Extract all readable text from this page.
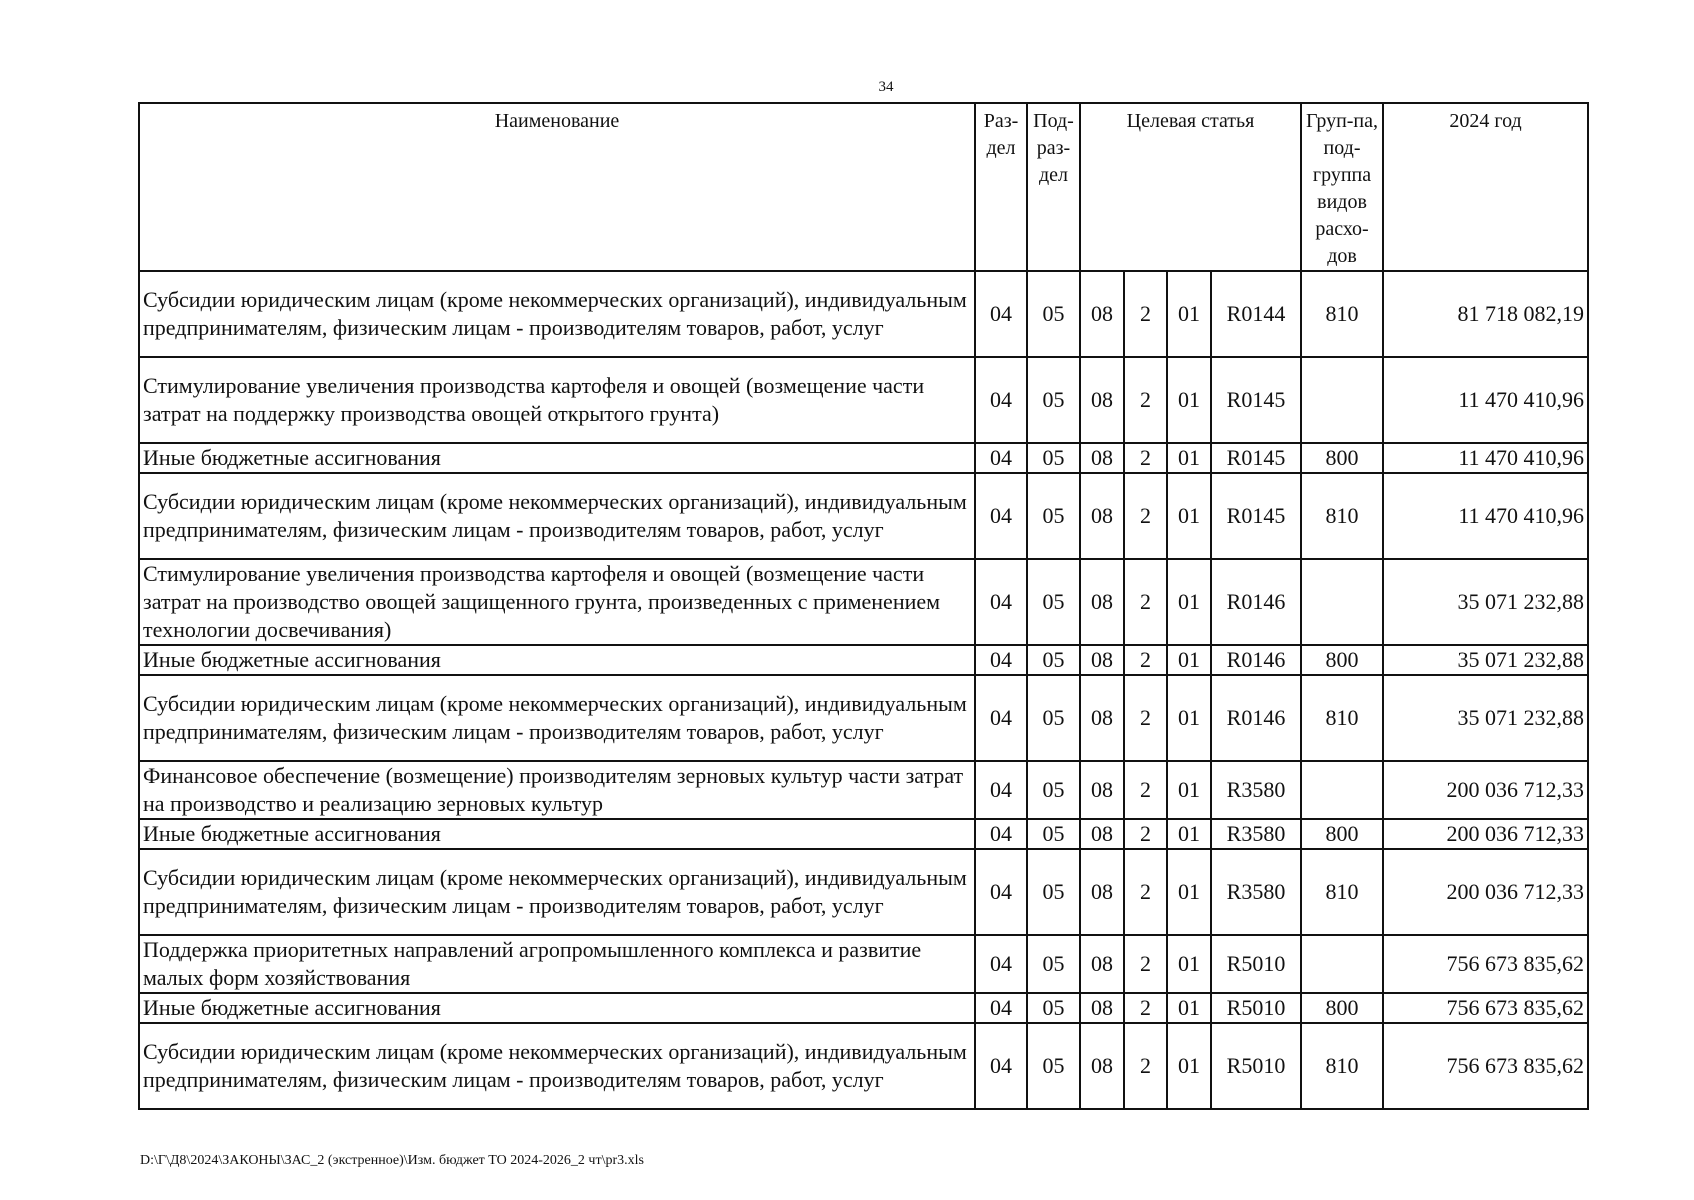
34
Наименование	Раз-дел	Под-раз-дел	Целевая статья				Груп-па, под-группа видов расхо-дов	2024 год
Субсидии юридическим лицам (кроме некоммерческих организаций), индивидуальным предпринимателям, физическим лицам - производителям товаров, работ, услуг	04	05	08	2	01	R0144	810	81 718 082,19
Стимулирование увеличения производства картофеля и овощей (возмещение части затрат на поддержку производства овощей открытого грунта)	04	05	08	2	01	R0145		11 470 410,96
Иные бюджетные ассигнования	04	05	08	2	01	R0145	800	11 470 410,96
Субсидии юридическим лицам (кроме некоммерческих организаций), индивидуальным предпринимателям, физическим лицам - производителям товаров, работ, услуг	04	05	08	2	01	R0145	810	11 470 410,96
Стимулирование увеличения производства картофеля и овощей (возмещение части затрат на производство овощей защищенного грунта, произведенных с применением технологии досвечивания)	04	05	08	2	01	R0146		35 071 232,88
Иные бюджетные ассигнования	04	05	08	2	01	R0146	800	35 071 232,88
Субсидии юридическим лицам (кроме некоммерческих организаций), индивидуальным предпринимателям, физическим лицам - производителям товаров, работ, услуг	04	05	08	2	01	R0146	810	35 071 232,88
Финансовое обеспечение (возмещение) производителям зерновых культур части затрат на производство и реализацию зерновых культур	04	05	08	2	01	R3580		200 036 712,33
Иные бюджетные ассигнования	04	05	08	2	01	R3580	800	200 036 712,33
Субсидии юридическим лицам (кроме некоммерческих организаций), индивидуальным предпринимателям, физическим лицам - производителям товаров, работ, услуг	04	05	08	2	01	R3580	810	200 036 712,33
Поддержка приоритетных направлений агропромышленного комплекса и развитие малых форм хозяйствования	04	05	08	2	01	R5010		756 673 835,62
Иные бюджетные ассигнования	04	05	08	2	01	R5010	800	756 673 835,62
Субсидии юридическим лицам (кроме некоммерческих организаций), индивидуальным предпринимателям, физическим лицам - производителям товаров, работ, услуг	04	05	08	2	01	R5010	810	756 673 835,62
D:\Г\Д8\2024\ЗАКОНЫ\ЗАС_2 (экстренное)\Изм. бюджет ТО 2024-2026_2 чт\pr3.xls
